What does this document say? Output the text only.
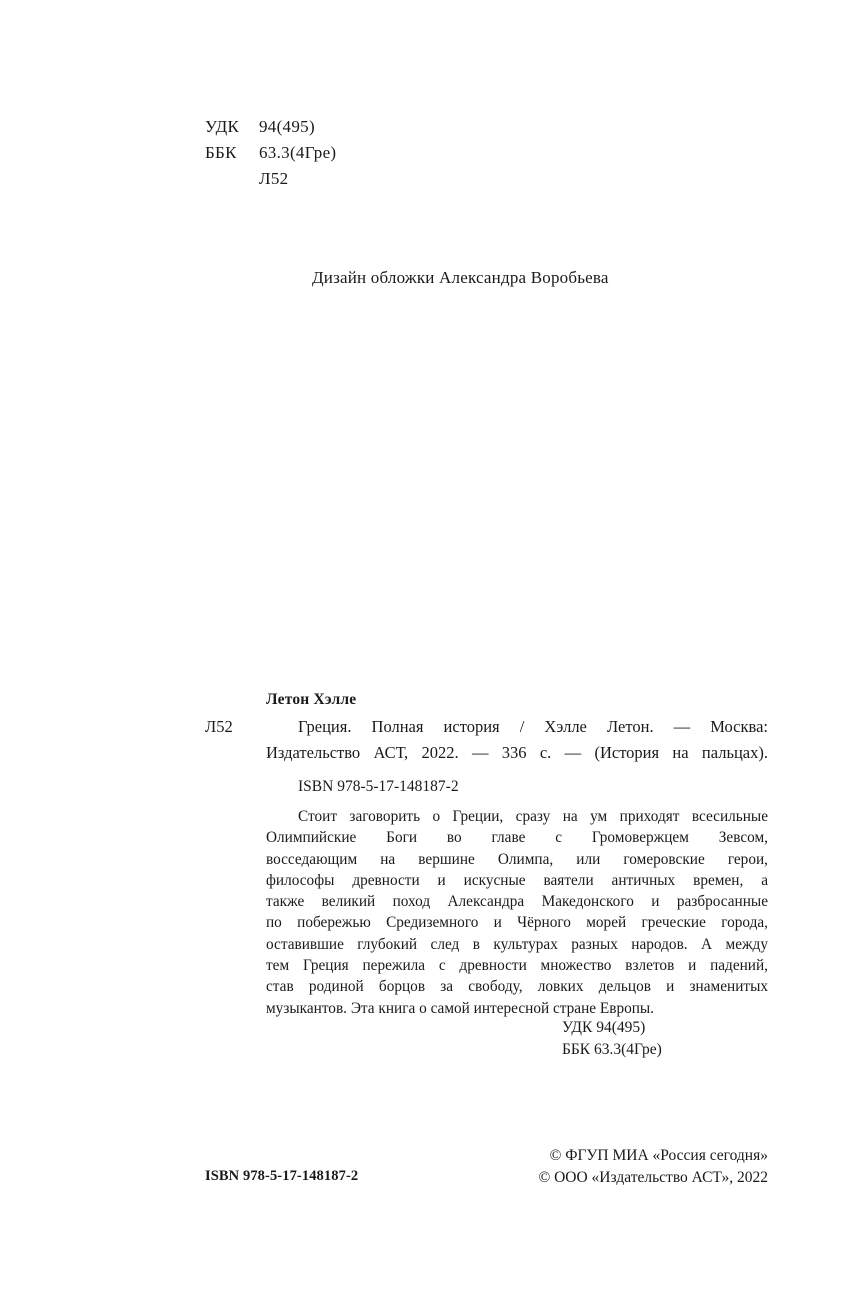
УДК 94(495)
ББК 63.3(4Гре)
Л52
Дизайн обложки Александра Воробьева
Летон Хэлле
Л52	Греция. Полная история / Хэлле Летон. — Москва:
Издательство АСТ, 2022. — 336 с. — (История на пальцах).
ISBN 978-5-17-148187-2
Стоит заговорить о Греции, сразу на ум приходят всесильные
Олимпийские Боги во главе с Громовержцем Зевсом,
восседающим на вершине Олимпа, или гомеровские герои,
философы древности и искусные ваятели античных времен, а
также великий поход Александра Македонского и разбросанные
по побережью Средиземного и Чёрного морей греческие города,
оставившие глубокий след в культурах разных народов. А между
тем Греция пережила с древности множество взлетов и падений,
став родиной борцов за свободу, ловких дельцов и знаменитых
музыкантов. Эта книга о самой интересной стране Европы.
УДК 94(495)
ББК 63.3(4Гре)
ISBN 978-5-17-148187-2
© ФГУП МИА «Россия сегодня»
© ООО «Издательство АСТ», 2022
